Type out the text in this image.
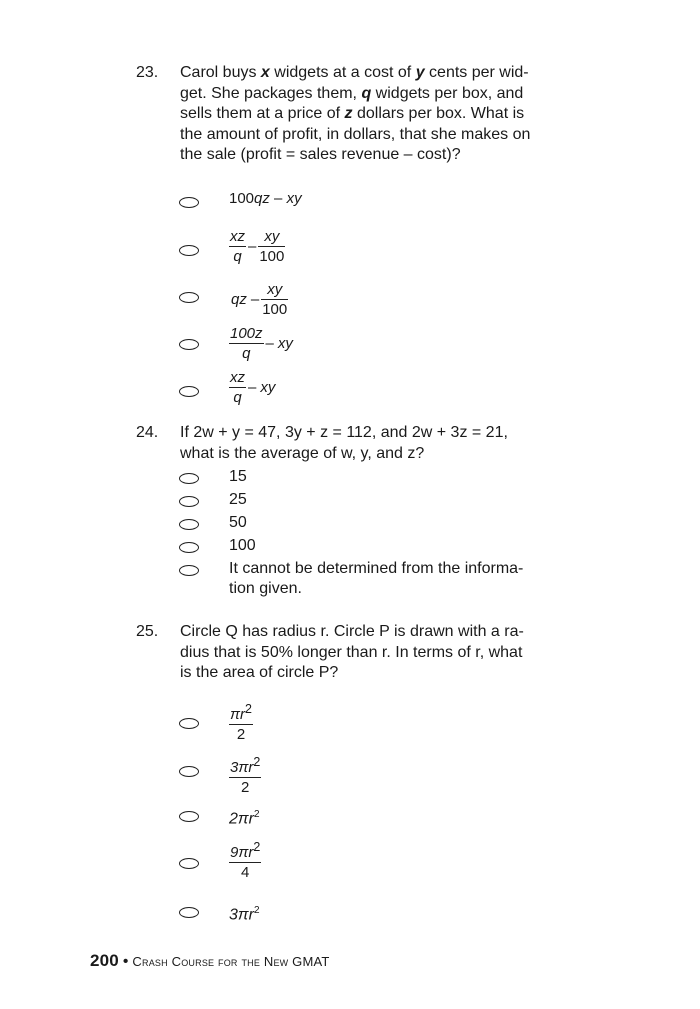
23. Carol buys x widgets at a cost of y cents per wid-
get. She packages them, q widgets per box, and
sells them at a price of z dollars per box. What is
the amount of profit, in dollars, that she makes on
the sale (profit = sales revenue – cost)?
100qz – xy
$\frac{xz}{q} - \frac{xy}{100}$
$qz- \frac{xy}{100}$
$\frac{100z}{q}$ – xy
$\frac{xz}{q}$ – xy
24. If 2w + y = 47, 3y + z = 112, and 2w + 3z = 21,
what is the average of w, y, and z?
15
25
50
100
It cannot be determined from the informa-
tion given.
25. Circle Q has radius r. Circle P is drawn with a ra-
dius that is 50% longer than r. In terms of r, what
is the area of circle P?
$\frac{\pi r^2}{2}$
$\frac{3\pi r^2}{2}$
$2\pi r^2$
$\frac{9\pi r^2}{4}$
$3\pi r^2$
200 • Crash Course for the New GMAT
